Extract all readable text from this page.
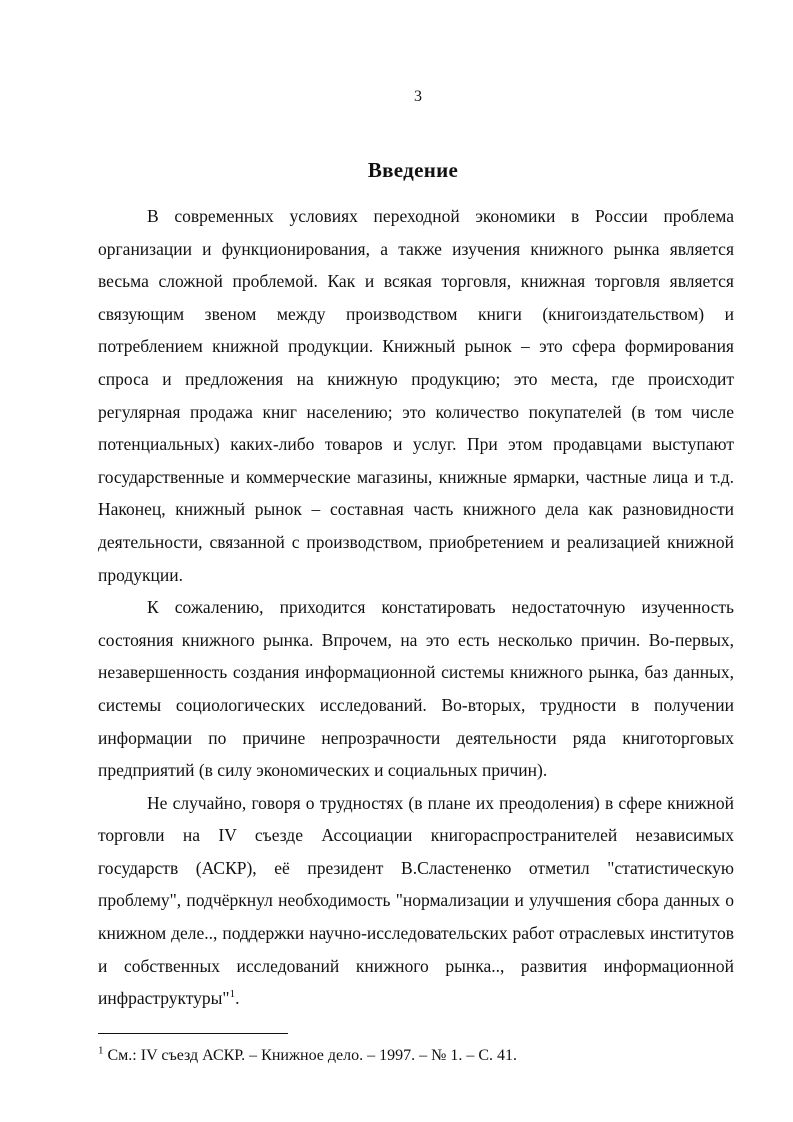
3
Введение

В современных условиях переходной экономики в России проблема организации и функционирования, а также изучения книжного рынка является весьма сложной проблемой. Как и всякая торговля, книжная торговля является связующим звеном между производством книги (книгоиздательством) и потреблением книжной продукции. Книжный рынок – это сфера формирования спроса и предложения на книжную продукцию; это места, где происходит регулярная продажа книг населению; это количество покупателей (в том числе потенциальных) каких-либо товаров и услуг. При этом продавцами выступают государственные и коммерческие магазины, книжные ярмарки, частные лица и т.д. Наконец, книжный рынок – составная часть книжного дела как разновидности деятельности, связанной с производством, приобретением и реализацией книжной продукции.

К сожалению, приходится констатировать недостаточную изученность состояния книжного рынка. Впрочем, на это есть несколько причин. Во-первых, незавершенность создания информационной системы книжного рынка, баз данных, системы социологических исследований. Во-вторых, трудности в получении информации по причине непрозрачности деятельности ряда книготорговых предприятий (в силу экономических и социальных причин).

Не случайно, говоря о трудностях (в плане их преодоления) в сфере книжной торговли на IV съезде Ассоциации книгораспространителей независимых государств (АСКР), её президент В.Сластененко отметил "статистическую проблему", подчёркнул необходимость "нормализации и улучшения сбора данных о книжном деле.., поддержки научно-исследовательских работ отраслевых институтов и собственных исследований книжного рынка.., развития информационной инфраструктуры"$^1$.

$^1$ См.: IV съезд АСКР. – Книжное дело. – 1997. – № 1. – С. 41.
